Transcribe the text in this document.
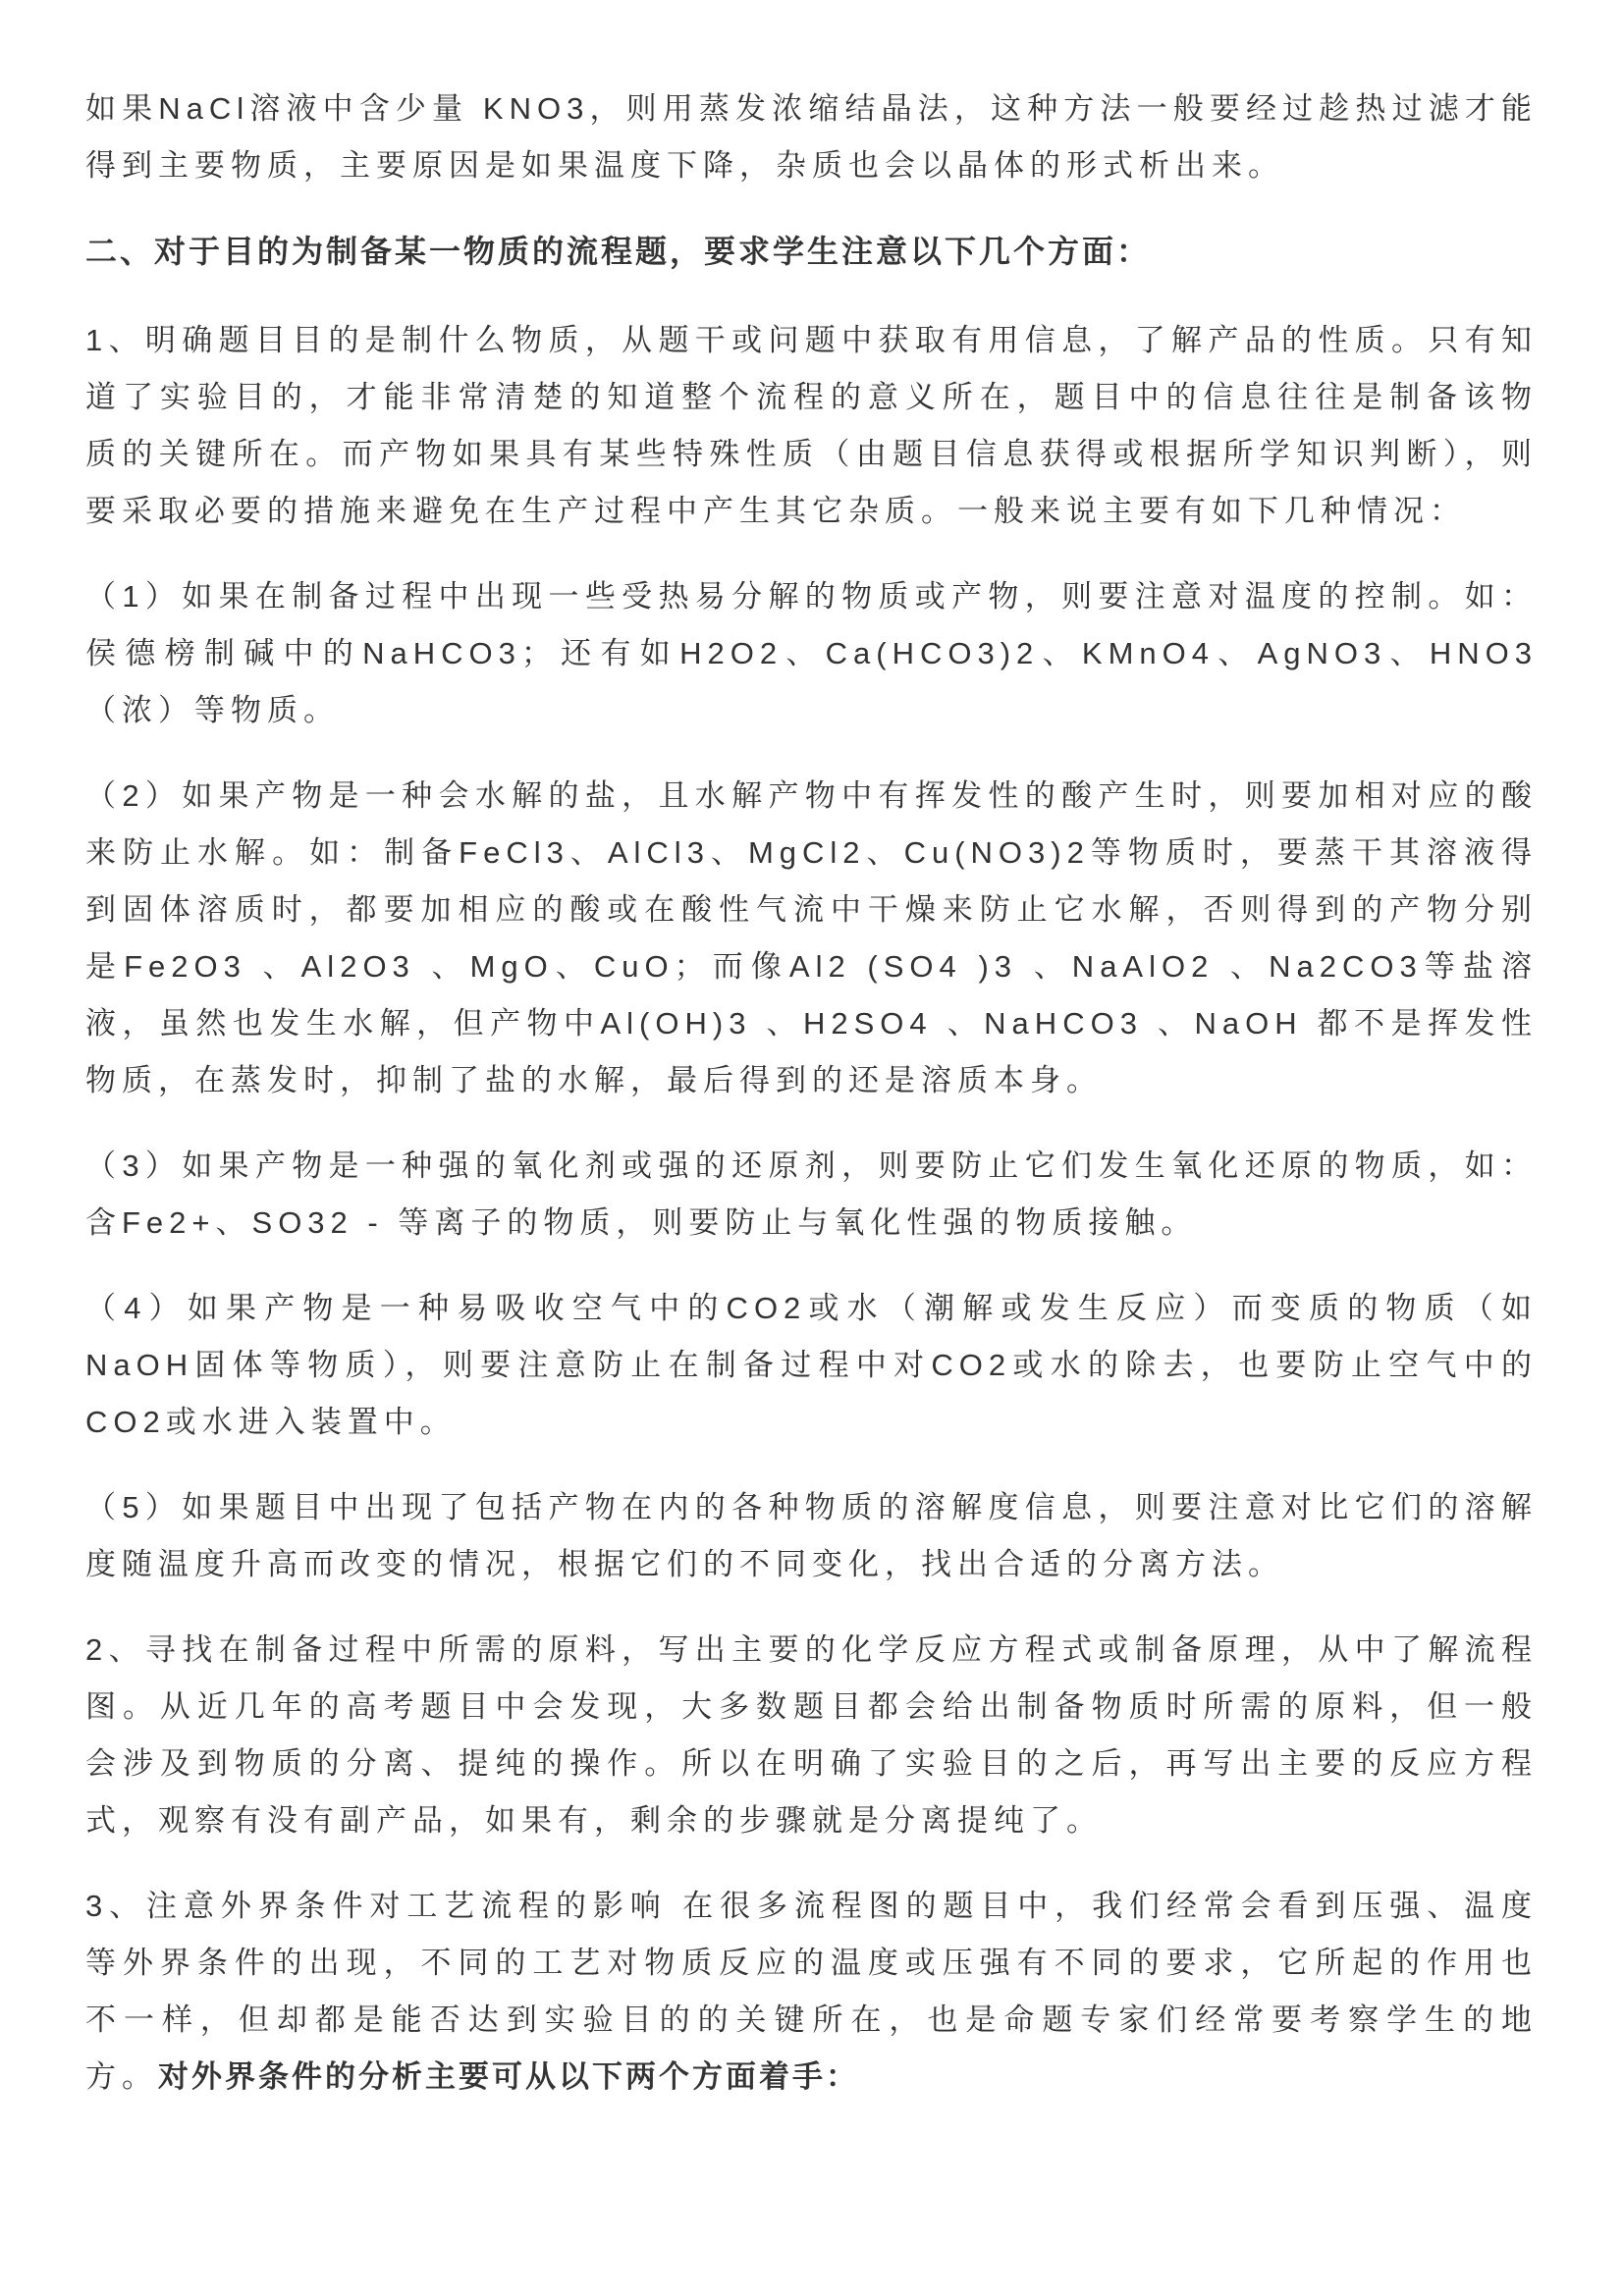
如果NaCl溶液中含少量 KNO3，则用蒸发浓缩结晶法，这种方法一般要经过趁热过滤才能得到主要物质，主要原因是如果温度下降，杂质也会以晶体的形式析出来。

二、对于目的为制备某一物质的流程题，要求学生注意以下几个方面：

1、明确题目目的是制什么物质，从题干或问题中获取有用信息，了解产品的性质。只有知道了实验目的，才能非常清楚的知道整个流程的意义所在，题目中的信息往往是制备该物质的关键所在。而产物如果具有某些特殊性质（由题目信息获得或根据所学知识判断），则要采取必要的措施来避免在生产过程中产生其它杂质。一般来说主要有如下几种情况：

（1）如果在制备过程中出现一些受热易分解的物质或产物，则要注意对温度的控制。如：侯德榜制碱中的NaHCO3；还有如H2O2、Ca(HCO3)2、KMnO4、AgNO3、HNO3（浓）等物质。

（2）如果产物是一种会水解的盐，且水解产物中有挥发性的酸产生时，则要加相对应的酸来防止水解。如：制备FeCl3、AlCl3、MgCl2、Cu(NO3)2等物质时，要蒸干其溶液得到固体溶质时，都要加相应的酸或在酸性气流中干燥来防止它水解，否则得到的产物分别是Fe2O3 、Al2O3 、MgO、CuO；而像Al2 (SO4 )3 、NaAlO2 、Na2CO3等盐溶液，虽然也发生水解，但产物中Al(OH)3 、H2SO4 、NaHCO3 、NaOH 都不是挥发性物质，在蒸发时，抑制了盐的水解，最后得到的还是溶质本身。

（3）如果产物是一种强的氧化剂或强的还原剂，则要防止它们发生氧化还原的物质，如：含Fe2+、SO32 - 等离子的物质，则要防止与氧化性强的物质接触。

（4）如果产物是一种易吸收空气中的CO2或水（潮解或发生反应）而变质的物质（如NaOH固体等物质），则要注意防止在制备过程中对CO2或水的除去，也要防止空气中的CO2或水进入装置中。

（5）如果题目中出现了包括产物在内的各种物质的溶解度信息，则要注意对比它们的溶解度随温度升高而改变的情况，根据它们的不同变化，找出合适的分离方法。

2、寻找在制备过程中所需的原料，写出主要的化学反应方程式或制备原理，从中了解流程图。从近几年的高考题目中会发现，大多数题目都会给出制备物质时所需的原料，但一般会涉及到物质的分离、提纯的操作。所以在明确了实验目的之后，再写出主要的反应方程式，观察有没有副产品，如果有，剩余的步骤就是分离提纯了。

3、注意外界条件对工艺流程的影响 在很多流程图的题目中，我们经常会看到压强、温度等外界条件的出现，不同的工艺对物质反应的温度或压强有不同的要求，它所起的作用也不一样，但却都是能否达到实验目的的关键所在，也是命题专家们经常要考察学生的地方。对外界条件的分析主要可从以下两个方面着手：
